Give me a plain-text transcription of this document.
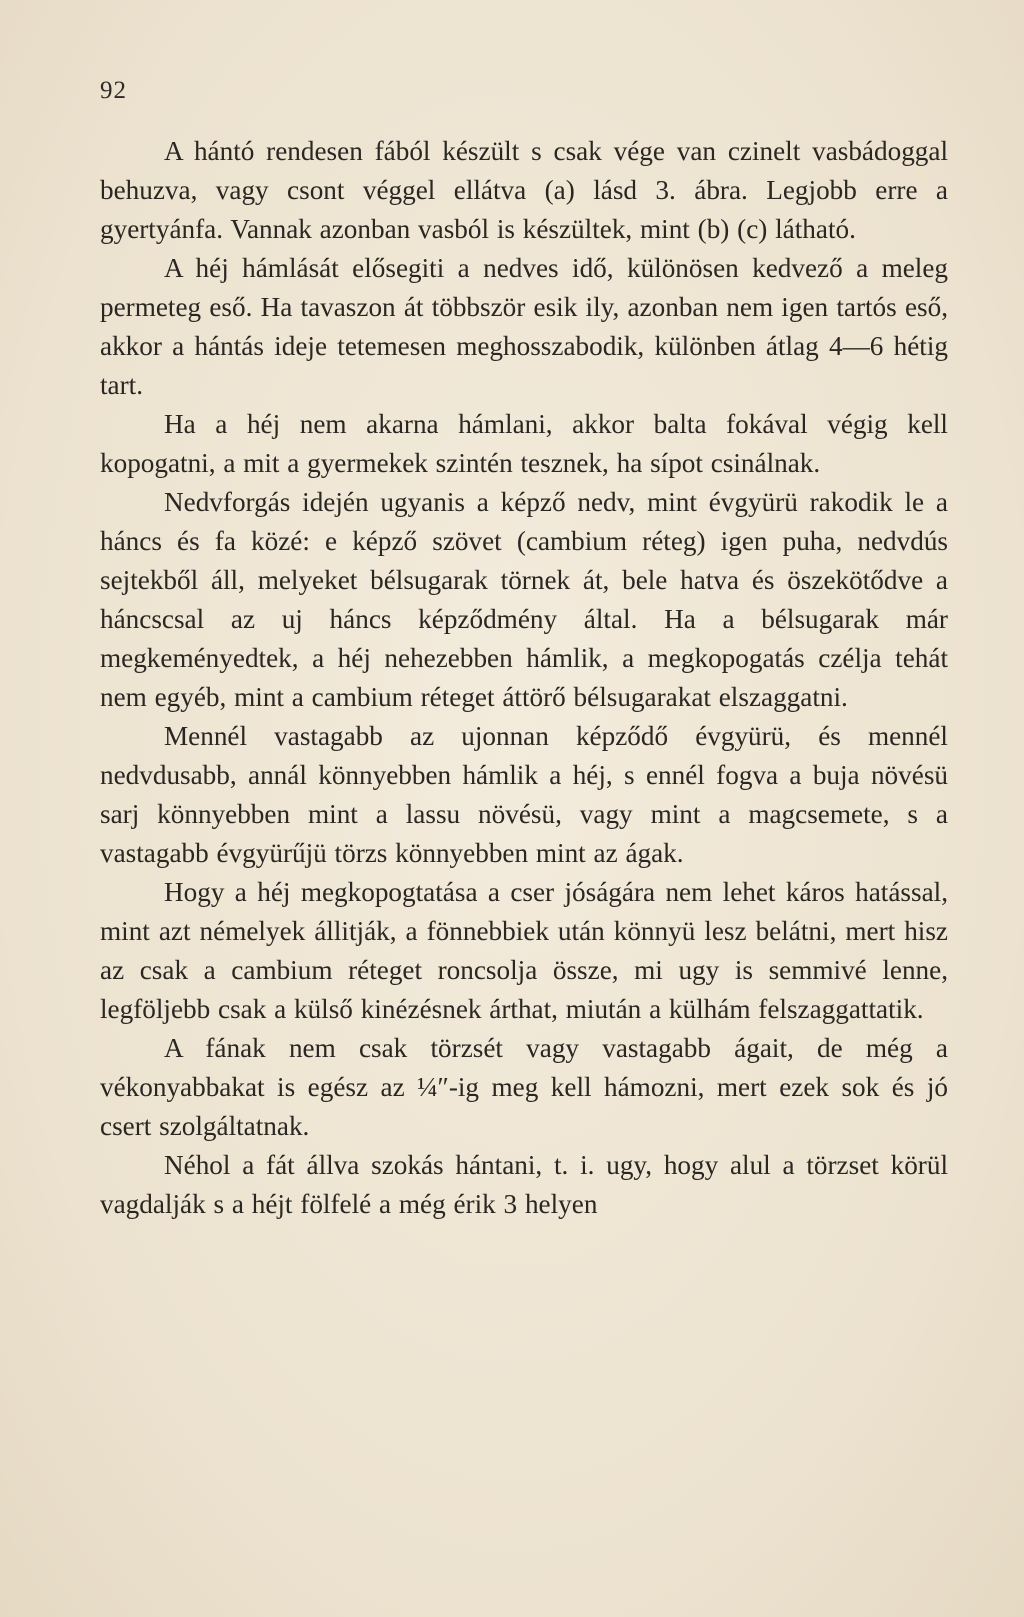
92

A hántó rendesen fából készült s csak vége van czinelt vasbádoggal behuzva, vagy csont véggel ellátva (a) lásd 3. ábra. Legjobb erre a gyertyánfa. Vannak azonban vasból is készültek, mint (b) (c) látható.

A héj hámlását elősegiti a nedves idő, különösen kedvező a meleg permeteg eső. Ha tavaszon át többször esik ily, azonban nem igen tartós eső, akkor a hántás ideje tetemesen meghosszabodik, különben átlag 4—6 hétig tart.

Ha a héj nem akarna hámlani, akkor balta fokával végig kell kopogatni, a mit a gyermekek szintén tesznek, ha sípot csinálnak.

Nedvforgás idején ugyanis a képző nedv, mint évgyürü rakodik le a háncs és fa közé: e képző szövet (cambium réteg) igen puha, nedvdús sejtekből áll, melyeket bélsugarak törnek át, bele hatva és öszekötődve a háncscsal az uj háncs képződmény által. Ha a bélsugarak már megkeményedtek, a héj nehezebben hámlik, a megkopogatás czélja tehát nem egyéb, mint a cambium réteget áttörő bélsugarakat elszaggatni.

Mennél vastagabb az ujonnan képződő évgyürü, és mennél nedvdusabb, annál könnyebben hámlik a héj, s ennél fogva a buja növésü sarj könnyebben mint a lassu növésü, vagy mint a magcsemete, s a vastagabb évgyürűjü törzs könnyebben mint az ágak.

Hogy a héj megkopogtatása a cser jóságára nem lehet káros hatással, mint azt némelyek állitják, a fönnebbiek után könnyü lesz belátni, mert hisz az csak a cambium réteget roncsolja össze, mi ugy is semmivé lenne, legföljebb csak a külső kinézésnek árthat, miután a külhám felszaggattatik.

A fának nem csak törzsét vagy vastagabb ágait, de még a vékonyabbakat is egész az ¼″-ig meg kell hámozni, mert ezek sok és jó csert szolgáltatnak.

Néhol a fát állva szokás hántani, t. i. ugy, hogy alul a törzset körül vagdalják s a héjt fölfelé a még érik 3 helyen
